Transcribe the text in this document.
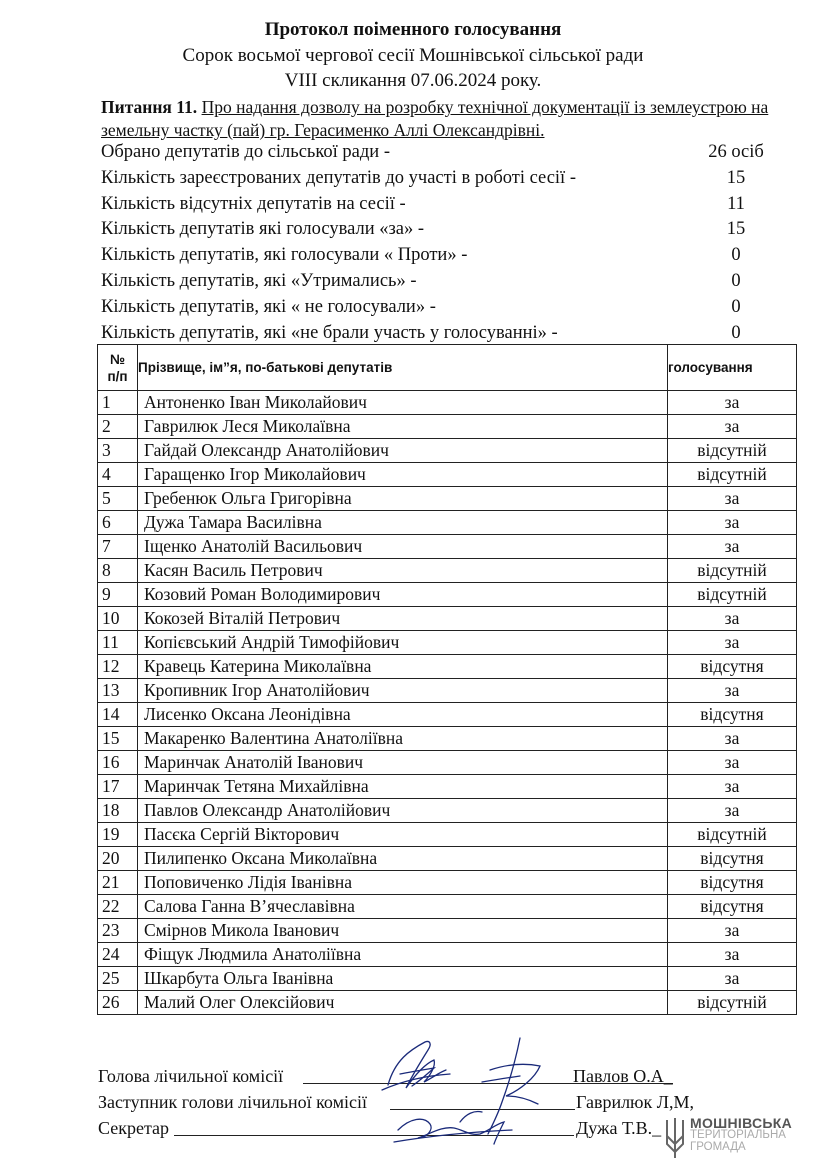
Протокол поіменного голосування
Сорок восьмої чергової сесії Мошнівської сільської ради
VIII скликання 07.06.2024 року.
Питання 11. Про надання дозволу на розробку технічної документації із землеустрою на земельну частку (пай) гр. Герасименко Аллі Олександрівні.
Обрано депутатів до сільської ради -	26 осіб
Кількість зареєстрованих депутатів до участі в роботі сесії -	15
Кількість відсутніх депутатів на сесії -	11
Кількість депутатів які голосували «за» -	15
Кількість депутатів, які голосували « Проти» -	0
Кількість депутатів, які «Утримались» -	0
Кількість депутатів, які « не голосували» -	0
Кількість депутатів, які «не брали участь у голосуванні» -	0
№
п/п	Прізвище, ім”я, по-батькові депутатів	голосування
1	Антоненко Іван Миколайович	за
2	Гаврилюк Леся Миколаївна	за
3	Гайдай Олександр Анатолійович	відсутній
4	Гаращенко Ігор Миколайович	відсутній
5	Гребенюк Ольга Григорівна	за
6	Дужа Тамара Василівна	за
7	Іщенко Анатолій Васильович	за
8	Касян Василь Петрович	відсутній
9	Козовий Роман Володимирович	відсутній
10	Кокозей Віталій Петрович	за
11	Копієвський Андрій Тимофійович	за
12	Кравець Катерина Миколаївна	відсутня
13	Кропивник Ігор Анатолійович	за
14	Лисенко Оксана Леонідівна	відсутня
15	Макаренко Валентина Анатоліївна	за
16	Маринчак Анатолій Іванович	за
17	Маринчак Тетяна Михайлівна	за
18	Павлов Олександр Анатолійович	за
19	Пасєка Сергій Вікторович	відсутній
20	Пилипенко Оксана Миколаївна	відсутня
21	Поповиченко Лідія Іванівна	відсутня
22	Салова Ганна В’ячеславівна	відсутня
23	Смірнов Микола Іванович	за
24	Фіщук Людмила Анатоліївна	за
25	Шкарбута Ольга Іванівна	за
26	Малий Олег Олексійович	відсутній
Голова лічильної комісії	Павлов О.А_
Заступник голови лічильної комісії	Гаврилюк Л,М,
Секретар	Дужа Т.В._ МОШНІВСЬКА
ТЕРИТОРІАЛЬНА
ГРОМАДА
